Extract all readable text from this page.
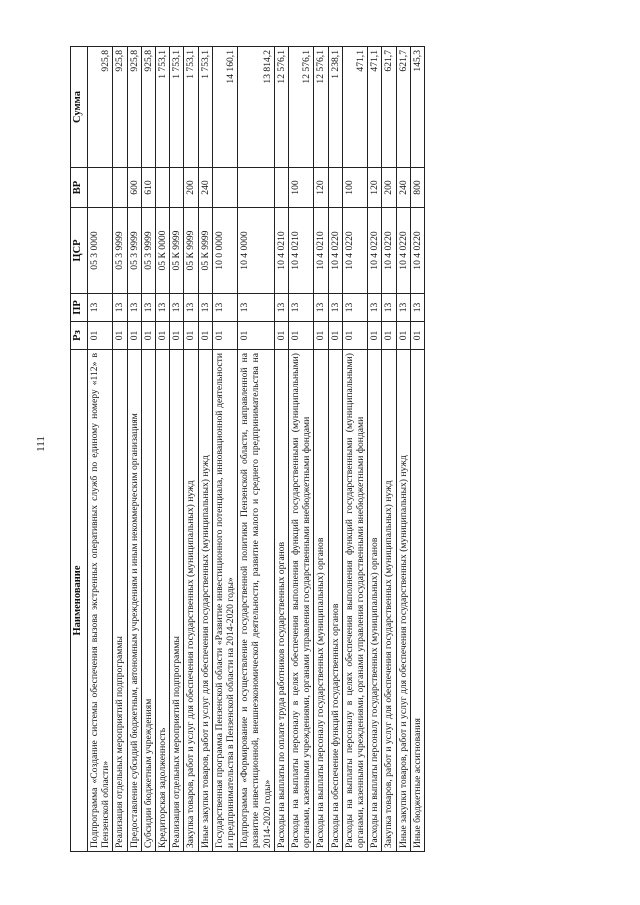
111
Наименование	Рз	ПР	ЦСР	ВР	Сумма
Подпрограмма «Создание системы обеспечения вызова экстренных оперативных служб по единому номеру «112» в Пензенской области»	01	13	05 3 0000		925,8
Реализация отдельных мероприятий подпрограммы	01	13	05 3 9999		925,8
Предоставление субсидий бюджетным, автономным учреждениям и иным некоммерческим организациям	01	13	05 3 9999	600	925,8
Субсидии бюджетным учреждениям	01	13	05 3 9999	610	925,8
Кредиторская задолженность	01	13	05 К 0000		1 753,1
Реализация отдельных мероприятий подпрограммы	01	13	05 К 9999		1 753,1
Закупка товаров, работ и услуг для обеспечения государственных (муниципальных) нужд	01	13	05 К 9999	200	1 753,1
Иные закупки товаров, работ и услуг для обеспечения государственных (муниципальных) нужд	01	13	05 К 9999	240	1 753,1
Государственная программа Пензенской области «Развитие инвестиционного потенциала, инновационной деятельности и предпринимательства в Пензенской области на 2014-2020 годы»	01	13	10 0 0000		14 160,1
Подпрограмма «Формирование и осуществление государственной политики Пензенской области, направленной на развитие инвестиционной, внешнеэкономической деятельности, развитие малого и среднего предпринимательства на 2014-2020 годы»	01	13	10 4 0000		13 814,2
Расходы на выплаты по оплате труда работников государственных органов	01	13	10 4 0210		12 576,1
Расходы на выплаты персоналу в целях обеспечения выполнения функций государственными (муниципальными) органами, казенными учреждениями, органами управления государственными внебюджетными фондами	01	13	10 4 0210	100	12 576,1
Расходы на выплаты персоналу государственных (муниципальных) органов	01	13	10 4 0210	120	12 576,1
Расходы на обеспечение функций государственных органов	01	13	10 4 0220		1 238,1
Расходы на выплаты персоналу в целях обеспечения выполнения функций государственными (муниципальными) органами, казенными учреждениями, органами управления государственными внебюджетными фондами	01	13	10 4 0220	100	471,1
Расходы на выплаты персоналу государственных (муниципальных) органов	01	13	10 4 0220	120	471,1
Закупка товаров, работ и услуг для обеспечения государственных (муниципальных) нужд	01	13	10 4 0220	200	621,7
Иные закупки товаров, работ и услуг для обеспечения государственных (муниципальных) нужд	01	13	10 4 0220	240	621,7
Иные бюджетные ассигнования	01	13	10 4 0220	800	145,3
